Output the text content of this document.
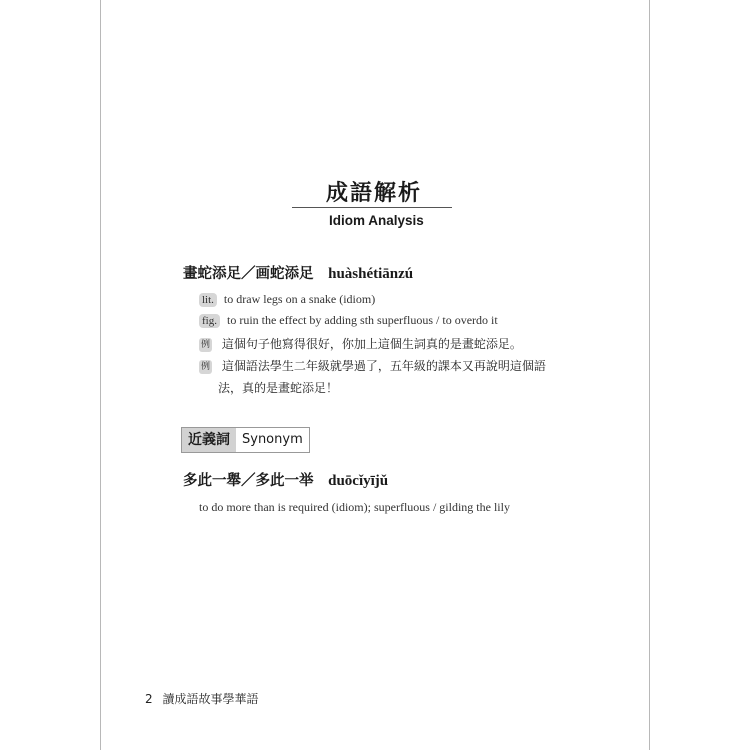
成語解析
Idiom Analysis
畫蛇添足／画蛇添足 huàshétiānzú
lit. to draw legs on a snake (idiom)
fig. to ruin the effect by adding sth superfluous / to overdo it
例 這個句子他寫得很好，你加上這個生詞真的是畫蛇添足。
例 這個語法學生二年級就學過了，五年級的課本又再說明這個語
法，真的是畫蛇添足！
近義詞 Synonym
多此一舉／多此一举 duōcǐyījǔ
to do more than is required (idiom); superfluous / gilding the lily
2 讀成語故事學華語
